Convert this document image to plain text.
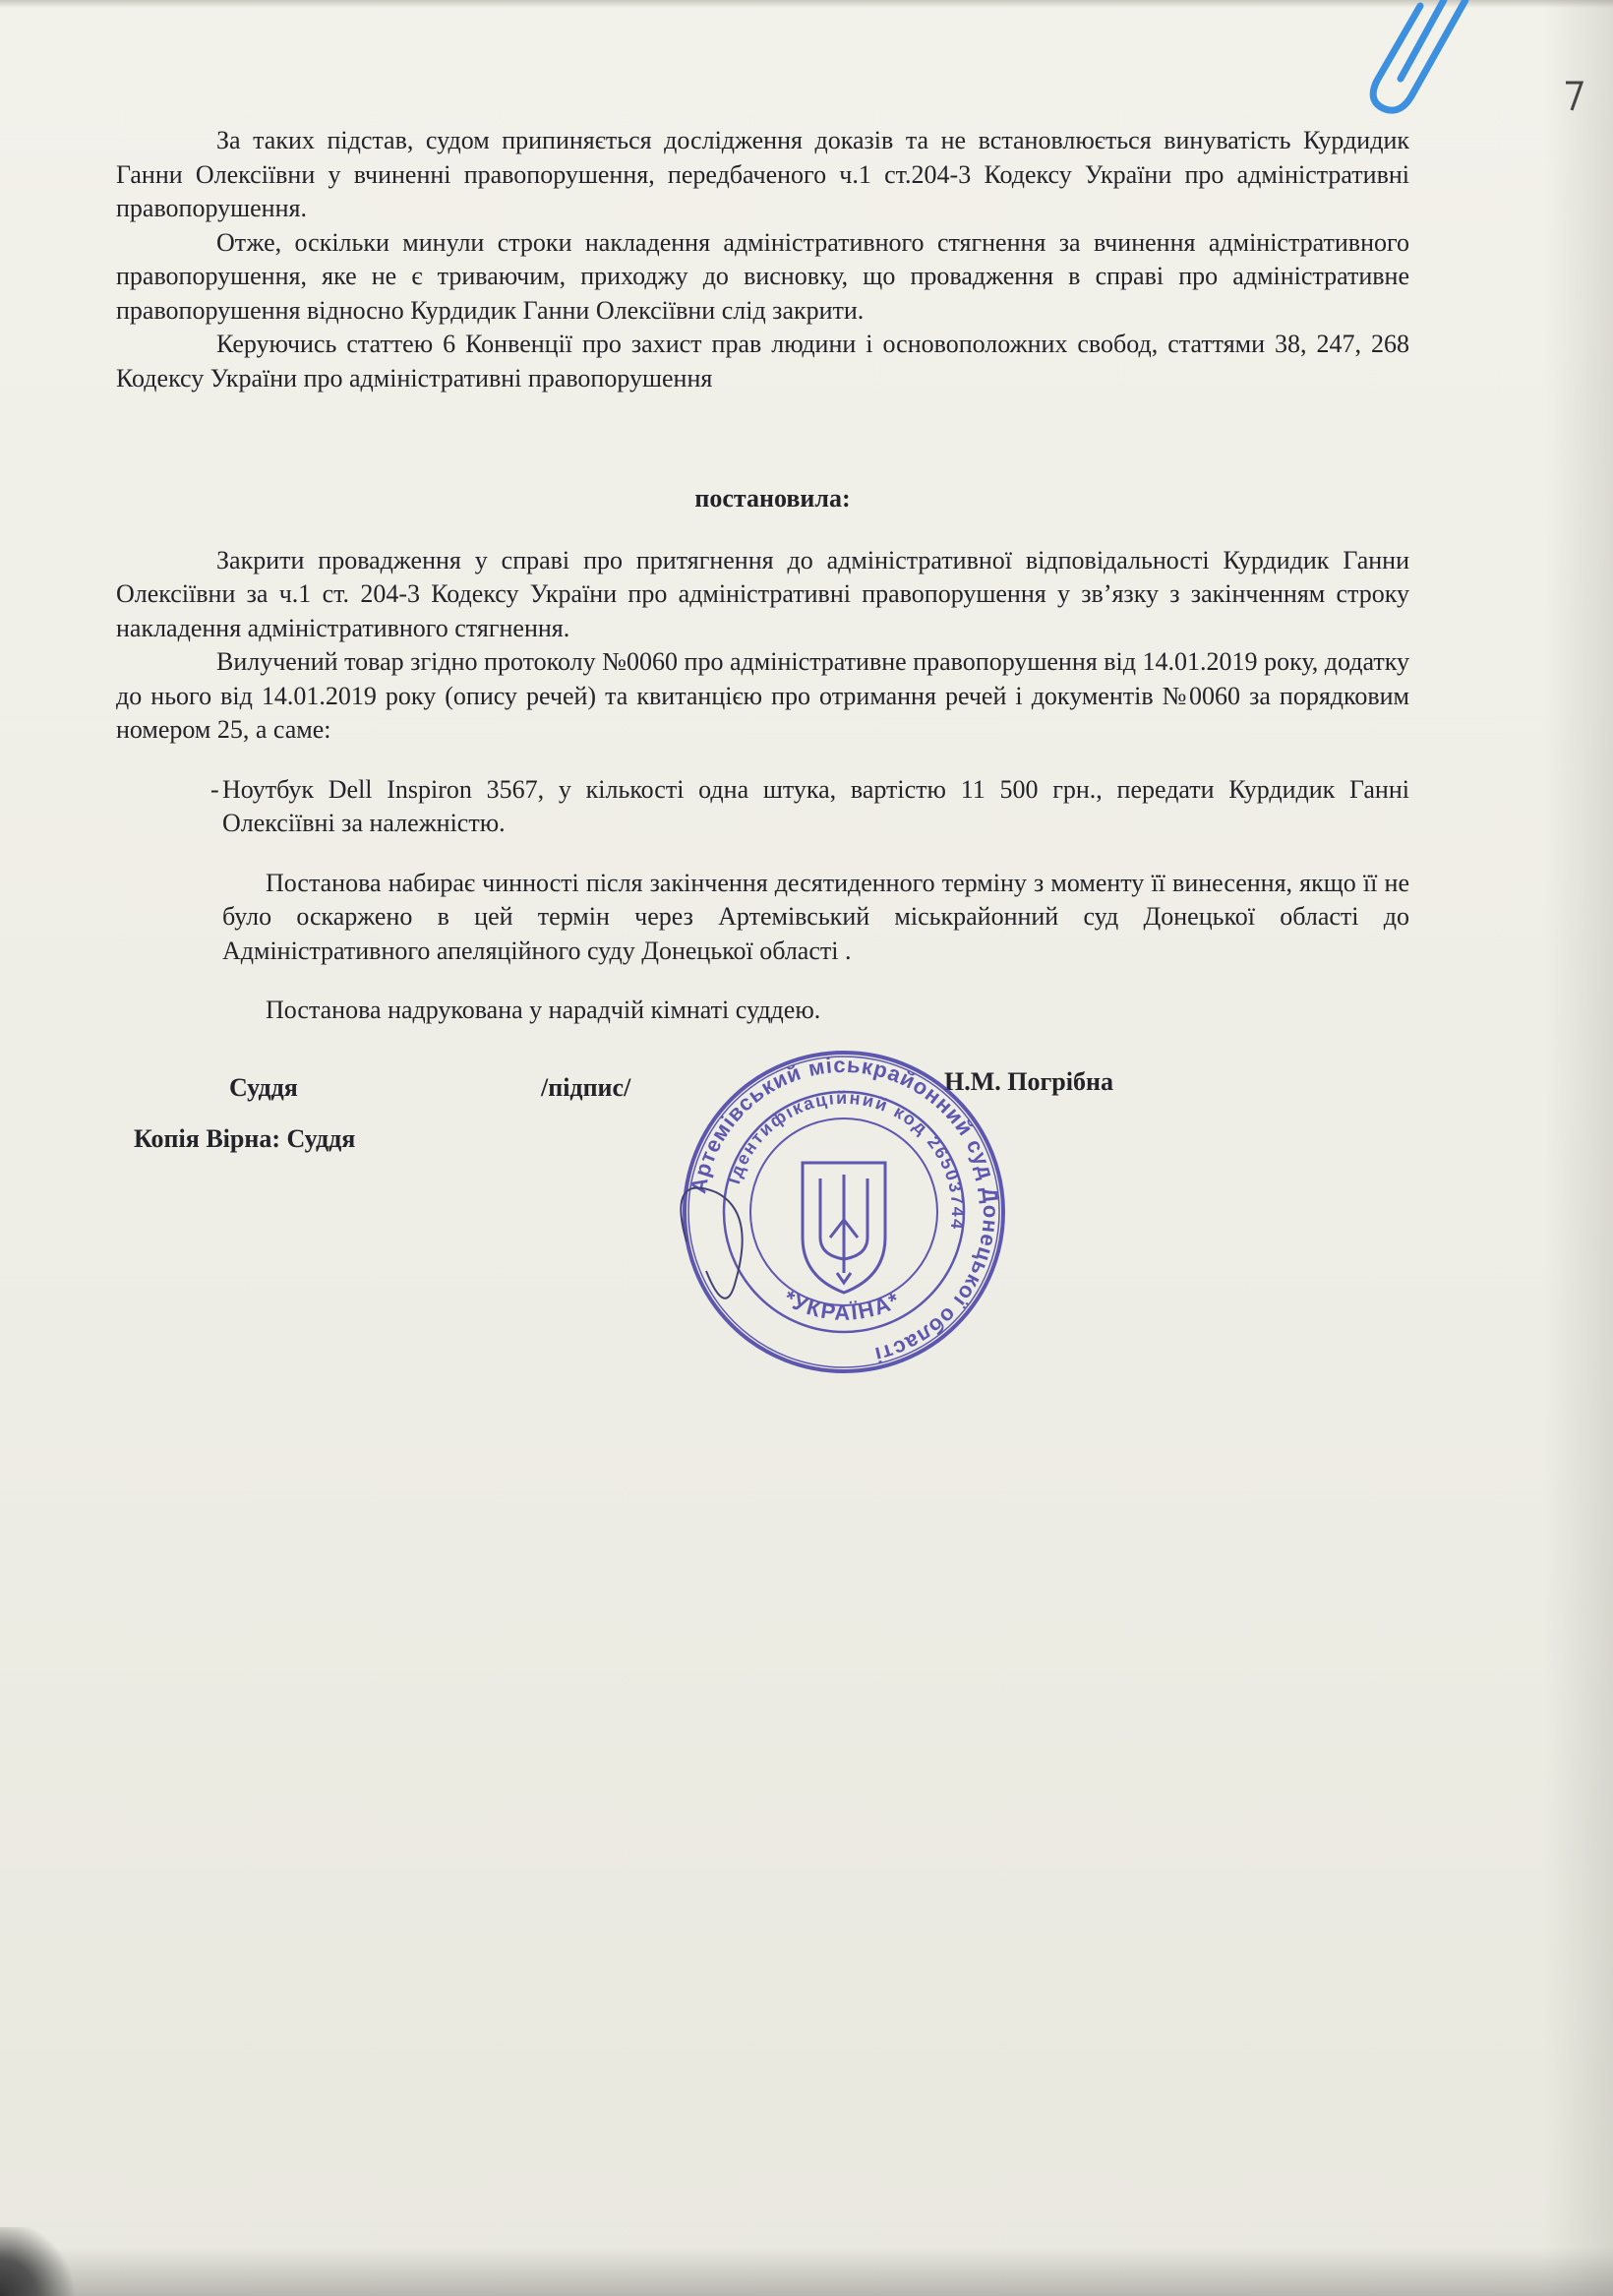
За таких підстав, судом припиняється дослідження доказів та не встановлюється винуватість Курдидик Ганни Олексіївни у вчиненні правопорушення, передбаченого ч.1 ст.204-3 Кодексу України про адміністративні правопорушення.

Отже, оскільки минули строки накладення адміністративного стягнення за вчинення адміністративного правопорушення, яке не є триваючим, приходжу до висновку, що провадження в справі про адміністративне правопорушення відносно Курдидик Ганни Олексіївни слід закрити.

Керуючись статтею 6 Конвенції про захист прав людини і основоположних свобод, статтями 38, 247, 268 Кодексу України про адміністративні правопорушення

постановила:

Закрити провадження у справі про притягнення до адміністративної відповідальності Курдидик Ганни Олексіївни за ч.1 ст. 204-3 Кодексу України про адміністративні правопорушення у зв’язку з закінченням строку накладення адміністративного стягнення.

Вилучений товар згідно протоколу №0060 про адміністративне правопорушення від 14.01.2019 року, додатку до нього від 14.01.2019 року (опису речей) та квитанцією про отримання речей і документів №0060 за порядковим номером 25, а саме:

- Ноутбук Dell Inspiron 3567, у кількості одна штука, вартістю 11 500 грн., передати Курдидик Ганні Олексіївні за належністю.

Постанова набирає чинності після закінчення десятиденного терміну з моменту її винесення, якщо її не було оскаржено в цей термін через Артемівський міськрайонний суд Донецької області до Адміністративного апеляційного суду Донецької області .

Постанова надрукована у нарадчій кімнаті суддею.

Суддя	/підпис/	Н.М. Погрібна
Копія Вірна: Суддя
Артемівський міськрайонний суд Донецької області
Ідентифікаційний код 26503744
*УКРАЇНА*
